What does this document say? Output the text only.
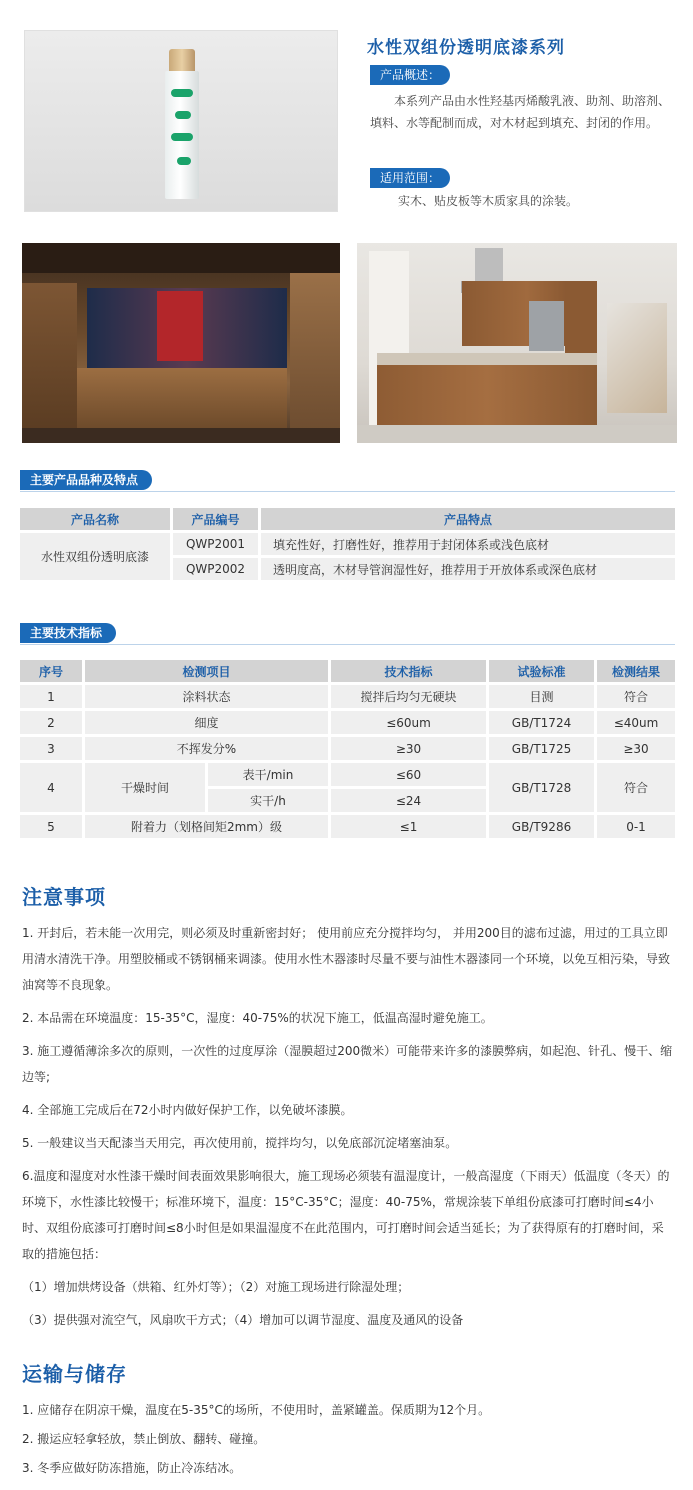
水性双组份透明底漆系列
产品概述：
本系列产品由水性羟基丙烯酸乳液、助剂、助溶剂、填料、水等配制而成，对木材起到填充、封闭的作用。
适用范围：
实木、贴皮板等木质家具的涂装。
主要产品品种及特点
产品名称	产品编号	产品特点
水性双组份透明底漆	QWP2001	填充性好，打磨性好，推荐用于封闭体系或浅色底材
	QWP2002	透明度高，木材导管润湿性好，推荐用于开放体系或深色底材
主要技术指标
序号	检测项目		技术指标	试验标准	检测结果
1	涂料状态		搅拌后均匀无硬块	目测	符合
2	细度		≤60um	GB/T1724	≤40um
3	不挥发分%		≥30	GB/T1725	≥30
4	干燥时间	表干/min	≤60	GB/T1728	符合
		实干/h	≤24		
5	附着力（划格间矩2mm）级		≤1	GB/T9286	0-1
注意事项

1. 开封后，若未能一次用完，则必须及时重新密封好； 使用前应充分搅拌均匀， 并用200目的滤布过滤，用过的工具立即用清水清洗干净。用塑胶桶或不锈钢桶来调漆。使用水性木器漆时尽量不要与油性木器漆同一个环境，以免互相污染，导致油窝等不良现象。

2. 本品需在环境温度：15-35°C，湿度：40-75%的状况下施工，低温高湿时避免施工。

3. 施工遵循薄涂多次的原则，一次性的过度厚涂（湿膜超过200微米）可能带来许多的漆膜弊病，如起泡、针孔、慢干、缩边等;

4. 全部施工完成后在72小时内做好保护工作，以免破坏漆膜。

5. 一般建议当天配漆当天用完，再次使用前，搅拌均匀，以免底部沉淀堵塞油泵。

6.温度和湿度对水性漆干燥时间表面效果影响很大，施工现场必须装有温湿度计，一般高湿度（下雨天）低温度（冬天）的环境下，水性漆比较慢干；标准环境下，温度：15°C-35°C；湿度：40-75%，常规涂装下单组份底漆可打磨时间≤4小时、双组份底漆可打磨时间≤8小时但是如果温湿度不在此范围内，可打磨时间会适当延长；为了获得原有的打磨时间，采取的措施包括：

（1）增加烘烤设备（烘箱、红外灯等）；（2）对施工现场进行除湿处理；

（3）提供强对流空气，风扇吹干方式；（4）增加可以调节湿度、温度及通风的设备

运输与储存

1. 应储存在阴凉干燥，温度在5-35°C的场所，不使用时，盖紧罐盖。保质期为12个月。

2. 搬运应轻拿轻放，禁止倒放、翻转、碰撞。

3. 冬季应做好防冻措施，防止冷冻结冰。
